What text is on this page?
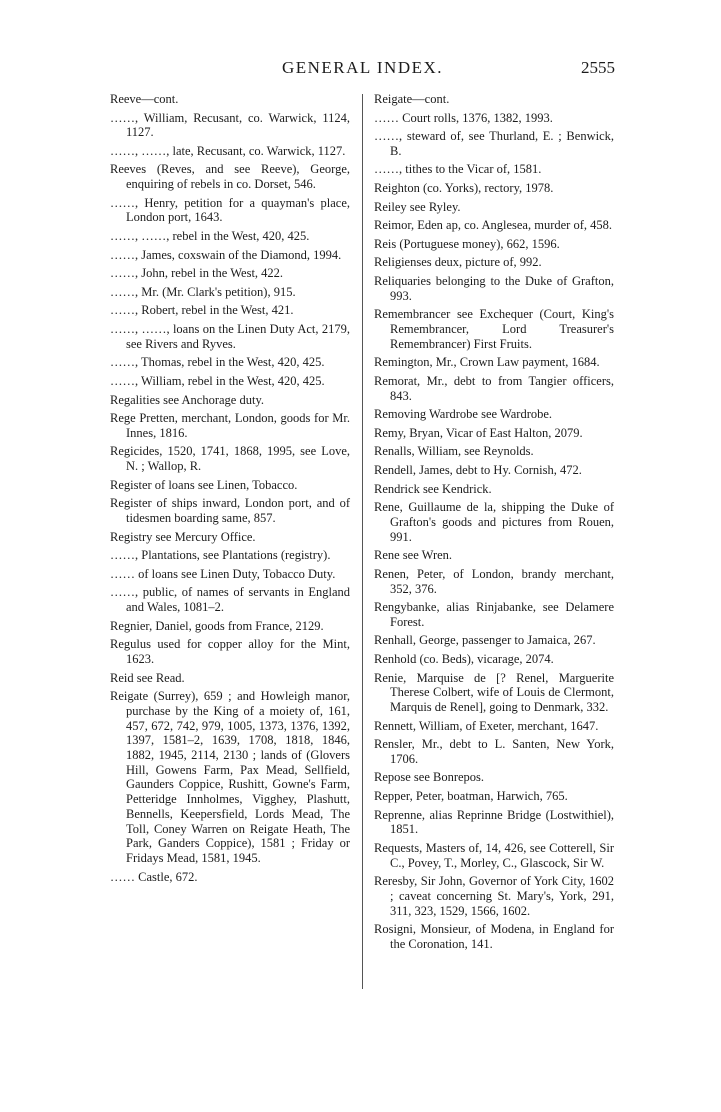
GENERAL INDEX.	2555
Reeve—cont.
……, William, Recusant, co. Warwick, 1124, 1127.
……, ……, late, Recusant, co. Warwick, 1127.
Reeves (Reves, and see Reeve), George, enquiring of rebels in co. Dorset, 546.
……, Henry, petition for a quayman's place, London port, 1643.
……, ……, rebel in the West, 420, 425.
……, James, coxswain of the Diamond, 1994.
……, John, rebel in the West, 422.
……, Mr. (Mr. Clark's petition), 915.
……, Robert, rebel in the West, 421.
……, ……, loans on the Linen Duty Act, 2179, see Rivers and Ryves.
……, Thomas, rebel in the West, 420, 425.
……, William, rebel in the West, 420, 425.
Regalities see Anchorage duty.
Rege Pretten, merchant, London, goods for Mr. Innes, 1816.
Regicides, 1520, 1741, 1868, 1995, see Love, N. ; Wallop, R.
Register of loans see Linen, Tobacco.
Register of ships inward, London port, and of tidesmen boarding same, 857.
Registry see Mercury Office.
……, Plantations, see Plantations (registry).
…… of loans see Linen Duty, Tobacco Duty.
……, public, of names of servants in England and Wales, 1081–2.
Regnier, Daniel, goods from France, 2129.
Regulus used for copper alloy for the Mint, 1623.
Reid see Read.
Reigate (Surrey), 659 ; and Howleigh manor, purchase by the King of a moiety of, 161, 457, 672, 742, 979, 1005, 1373, 1376, 1392, 1397, 1581–2, 1639, 1708, 1818, 1846, 1882, 1945, 2114, 2130 ; lands of (Glovers Hill, Gowens Farm, Pax Mead, Sellfield, Gaunders Coppice, Rushitt, Gowne's Farm, Petteridge Innholmes, Vigghey, Plashutt, Bennells, Keepersfield, Lords Mead, The Toll, Coney Warren on Reigate Heath, The Park, Ganders Coppice), 1581 ; Friday or Fridays Mead, 1581, 1945.
…… Castle, 672.
Reigate—cont.
…… Court rolls, 1376, 1382, 1993.
……, steward of, see Thurland, E. ; Benwick, B.
……, tithes to the Vicar of, 1581.
Reighton (co. Yorks), rectory, 1978.
Reiley see Ryley.
Reimor, Eden ap, co. Anglesea, murder of, 458.
Reis (Portuguese money), 662, 1596.
Religienses deux, picture of, 992.
Reliquaries belonging to the Duke of Grafton, 993.
Remembrancer see Exchequer (Court, King's Remembrancer, Lord Treasurer's Remembrancer) First Fruits.
Remington, Mr., Crown Law payment, 1684.
Remorat, Mr., debt to from Tangier officers, 843.
Removing Wardrobe see Wardrobe.
Remy, Bryan, Vicar of East Halton, 2079.
Renalls, William, see Reynolds.
Rendell, James, debt to Hy. Cornish, 472.
Rendrick see Kendrick.
Rene, Guillaume de la, shipping the Duke of Grafton's goods and pictures from Rouen, 991.
Rene see Wren.
Renen, Peter, of London, brandy merchant, 352, 376.
Rengybanke, alias Rinjabanke, see Delamere Forest.
Renhall, George, passenger to Jamaica, 267.
Renhold (co. Beds), vicarage, 2074.
Renie, Marquise de [? Renel, Marguerite Therese Colbert, wife of Louis de Clermont, Marquis de Renel], going to Denmark, 332.
Rennett, William, of Exeter, merchant, 1647.
Rensler, Mr., debt to L. Santen, New York, 1706.
Repose see Bonrepos.
Repper, Peter, boatman, Harwich, 765.
Reprenne, alias Reprinne Bridge (Lostwithiel), 1851.
Requests, Masters of, 14, 426, see Cotterell, Sir C., Povey, T., Morley, C., Glascock, Sir W.
Reresby, Sir John, Governor of York City, 1602 ; caveat concerning St. Mary's, York, 291, 311, 323, 1529, 1566, 1602.
Rosigni, Monsieur, of Modena, in England for the Coronation, 141.
